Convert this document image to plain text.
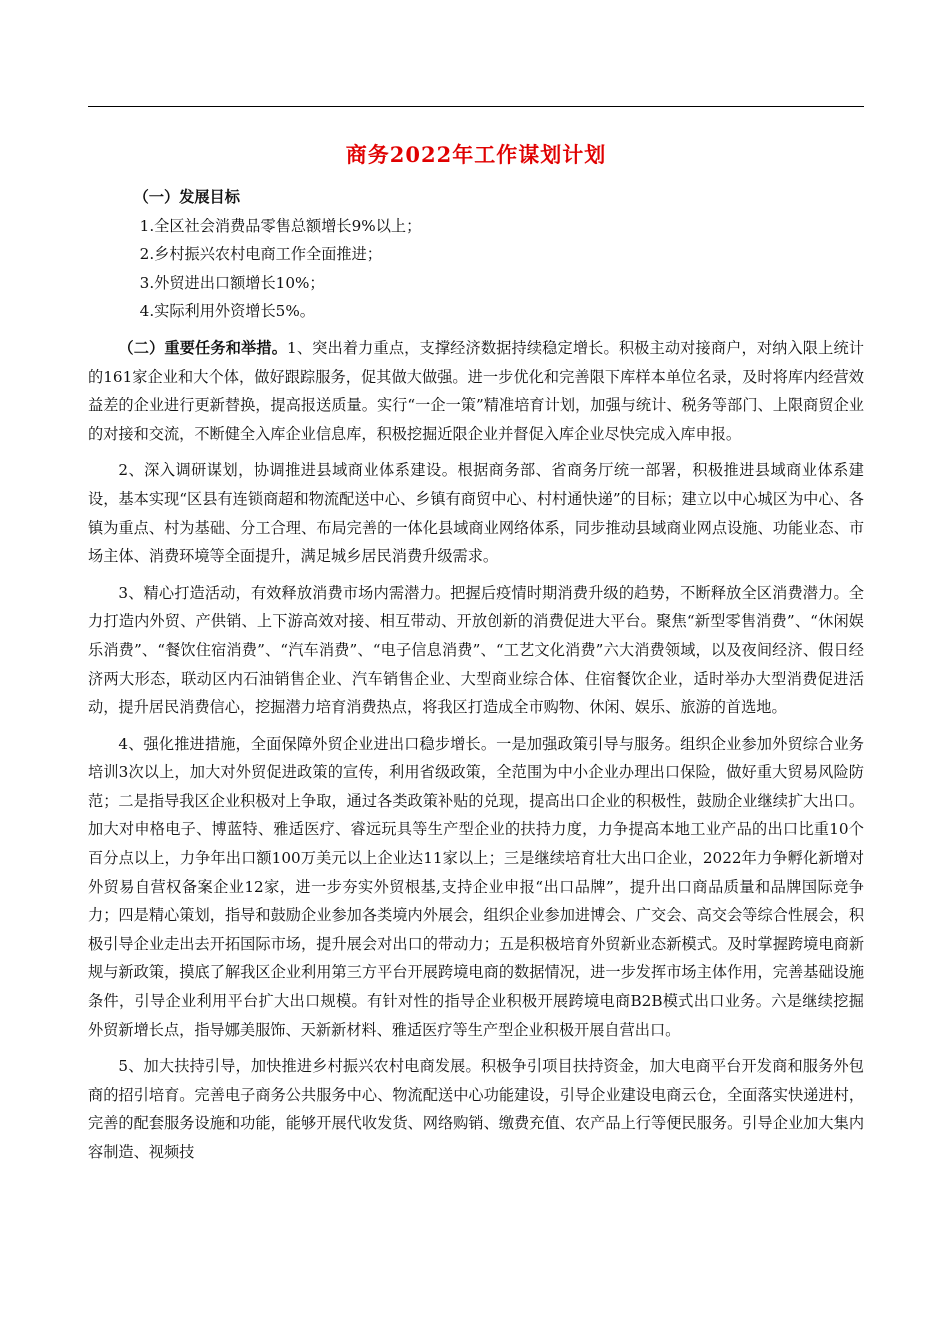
商务2022年工作谋划计划

（一）发展目标

1.全区社会消费品零售总额增长9%以上；

2.乡村振兴农村电商工作全面推进；

3.外贸进出口额增长10%；

4.实际利用外资增长5%。

（二）重要任务和举措。1、突出着力重点，支撑经济数据持续稳定增长。积极主动对接商户，对纳入限上统计的161家企业和大个体，做好跟踪服务，促其做大做强。进一步优化和完善限下库样本单位名录，及时将库内经营效益差的企业进行更新替换，提高报送质量。实行“一企一策”精准培育计划，加强与统计、税务等部门、上限商贸企业的对接和交流，不断健全入库企业信息库，积极挖掘近限企业并督促入库企业尽快完成入库申报。

2、深入调研谋划，协调推进县域商业体系建设。根据商务部、省商务厅统一部署，积极推进县域商业体系建设，基本实现“区县有连锁商超和物流配送中心、乡镇有商贸中心、村村通快递”的目标；建立以中心城区为中心、各镇为重点、村为基础、分工合理、布局完善的一体化县域商业网络体系，同步推动县域商业网点设施、功能业态、市场主体、消费环境等全面提升，满足城乡居民消费升级需求。

3、精心打造活动，有效释放消费市场内需潜力。把握后疫情时期消费升级的趋势，不断释放全区消费潜力。全力打造内外贸、产供销、上下游高效对接、相互带动、开放创新的消费促进大平台。聚焦“新型零售消费”、“休闲娱乐消费”、“餐饮住宿消费”、“汽车消费”、“电子信息消费”、“工艺文化消费”六大消费领域，以及夜间经济、假日经济两大形态，联动区内石油销售企业、汽车销售企业、大型商业综合体、住宿餐饮企业，适时举办大型消费促进活动，提升居民消费信心，挖掘潜力培育消费热点，将我区打造成全市购物、休闲、娱乐、旅游的首选地。

4、强化推进措施，全面保障外贸企业进出口稳步增长。一是加强政策引导与服务。组织企业参加外贸综合业务培训3次以上，加大对外贸促进政策的宣传，利用省级政策，全范围为中小企业办理出口保险，做好重大贸易风险防范；二是指导我区企业积极对上争取，通过各类政策补贴的兑现，提高出口企业的积极性，鼓励企业继续扩大出口。加大对申格电子、博蓝特、雅适医疗、睿远玩具等生产型企业的扶持力度，力争提高本地工业产品的出口比重10个百分点以上，力争年出口额100万美元以上企业达11家以上；三是继续培育壮大出口企业，2022年力争孵化新增对外贸易自营权备案企业12家，进一步夯实外贸根基,支持企业申报“出口品牌”，提升出口商品质量和品牌国际竞争力；四是精心策划，指导和鼓励企业参加各类境内外展会，组织企业参加进博会、广交会、高交会等综合性展会，积极引导企业走出去开拓国际市场，提升展会对出口的带动力；五是积极培育外贸新业态新模式。及时掌握跨境电商新规与新政策，摸底了解我区企业利用第三方平台开展跨境电商的数据情况，进一步发挥市场主体作用，完善基础设施条件，引导企业利用平台扩大出口规模。有针对性的指导企业积极开展跨境电商B2B模式出口业务。六是继续挖掘外贸新增长点，指导娜美服饰、天新新材料、雅适医疗等生产型企业积极开展自营出口。

5、加大扶持引导，加快推进乡村振兴农村电商发展。积极争引项目扶持资金，加大电商平台开发商和服务外包商的招引培育。完善电子商务公共服务中心、物流配送中心功能建设，引导企业建设电商云仓，全面落实快递进村，完善的配套服务设施和功能，能够开展代收发货、网络购销、缴费充值、农产品上行等便民服务。引导企业加大集内容制造、视频技
